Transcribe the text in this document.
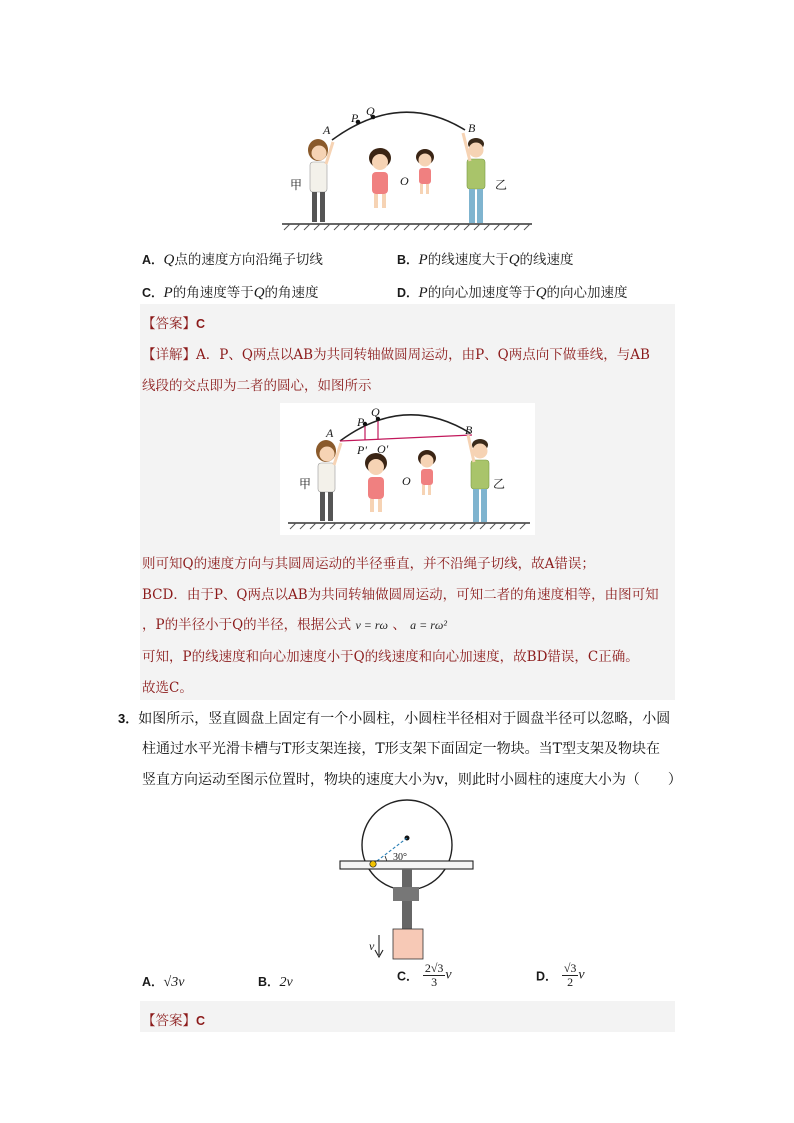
A
P Q
B
O
甲	乙
A．Q点的速度方向沿绳子切线	B．P的线速度大于Q的线速度
C．P的角速度等于Q的角速度	D．P的向心加速度等于Q的向心加速度
【答案】C
【详解】A．P、Q两点以AB为共同转轴做圆周运动，由P、Q两点向下做垂线，与AB
线段的交点即为二者的圆心，如图所示
A
P
Q
P' O'
B
O
甲	乙
则可知Q的速度方向与其圆周运动的半径垂直，并不沿绳子切线，故A错误；
BCD．由于P、Q两点以AB为共同转轴做圆周运动，可知二者的角速度相等，由图可知
，P的半径小于Q的半径，根据公式 v = rω 、 a = rω²
可知，P的线速度和向心加速度小于Q的线速度和向心加速度，故BD错误，C正确。
故选C。
3．如图所示，竖直圆盘上固定有一个小圆柱，小圆柱半径相对于圆盘半径可以忽略，小圆
柱通过水平光滑卡槽与T形支架连接，T形支架下面固定一物块。当T型支架及物块在
竖直方向运动至图示位置时，物块的速度大小为v，则此时小圆柱的速度大小为（　　）
30°
v
A．√3v	B．2v	C． $\frac{2√3}{3}$ v	D． $\frac{√3}{2}$ v
【答案】C
